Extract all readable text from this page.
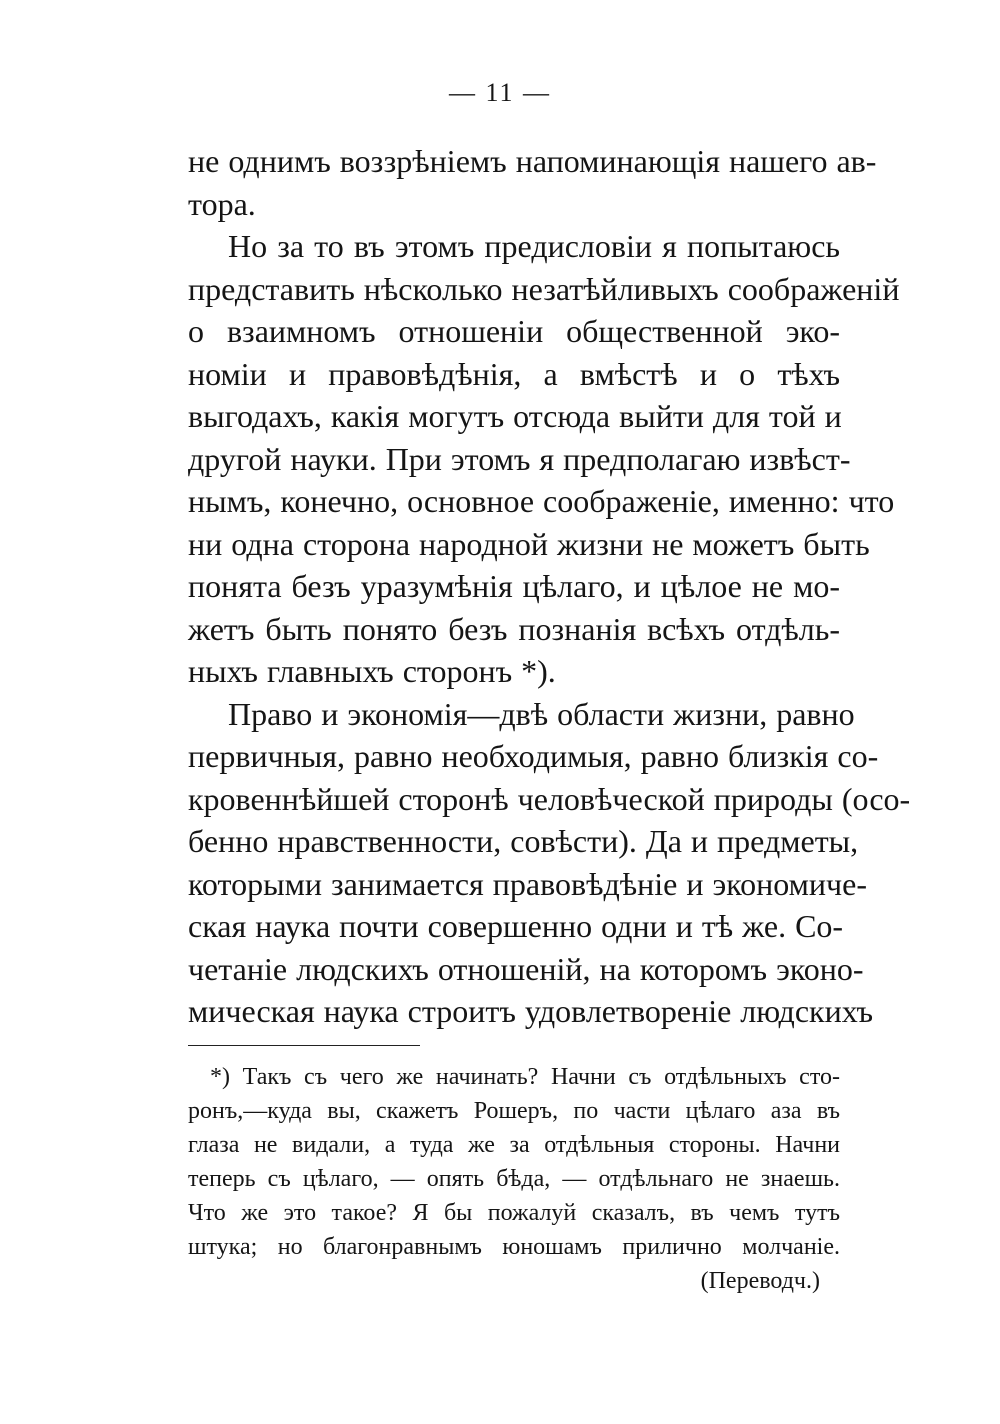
— 11 —
не однимъ воззрѣніемъ напоминающія нашего ав-
тора.
Но за то въ этомъ предисловіи я попытаюсь
представить нѣсколько незатѣйливыхъ соображеній
о взаимномъ отношеніи общественной эко-
номіи и правовѣдѣнія, а вмѣстѣ и о тѣхъ
выгодахъ, какія могутъ отсюда выйти для той и
другой науки. При этомъ я предполагаю извѣст-
нымъ, конечно, основное соображеніе, именно: что
ни одна сторона народной жизни не можетъ быть
понята безъ уразумѣнія цѣлаго, и цѣлое не мо-
жетъ быть понято безъ познанія всѣхъ отдѣль-
ныхъ главныхъ сторонъ *).
Право и экономія—двѣ области жизни, равно
первичныя, равно необходимыя, равно близкія со-
кровеннѣйшей сторонѣ человѣческой природы (осо-
бенно нравственности, совѣсти). Да и предметы,
которыми занимается правовѣдѣніе и экономиче-
ская наука почти совершенно одни и тѣ же. Со-
четаніе людскихъ отношеній, на которомъ эконо-
мическая наука строитъ удовлетвореніе людскихъ
*) Такъ съ чего же начинать? Начни съ отдѣльныхъ сто-
ронъ,—куда вы, скажетъ Рошеръ, по части цѣлаго аза въ
глаза не видали, а туда же за отдѣльныя стороны. Начни
теперь съ цѣлаго, — опять бѣда, — отдѣльнаго не знаешь.
Что же это такое? Я бы пожалуй сказалъ, въ чемъ тутъ
штука; но благонравнымъ юношамъ прилично молчаніе.
(Переводч.)
